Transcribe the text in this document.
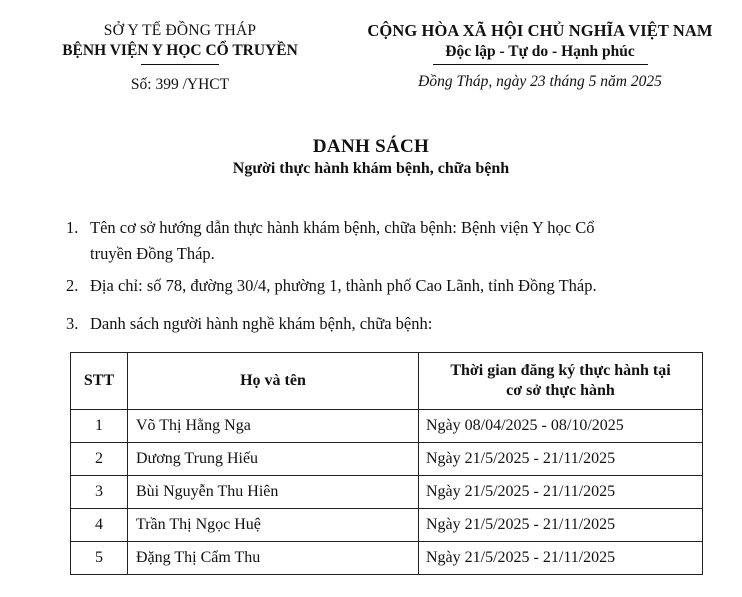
SỞ Y TẾ ĐỒNG THÁP
BỆNH VIỆN Y HỌC CỔ TRUYỀN
Số: 399 /YHCT
CỘNG HÒA XÃ HỘI CHỦ NGHĨA VIỆT NAM
Độc lập - Tự do - Hạnh phúc
Đồng Tháp, ngày 23 tháng 5 năm 2025
DANH SÁCH
Người thực hành khám bệnh, chữa bệnh
1. Tên cơ sở hướng dẫn thực hành khám bệnh, chữa bệnh: Bệnh viện Y học Cổ
truyền Đồng Tháp.
2. Địa chỉ: số 78, đường 30/4, phường 1, thành phố Cao Lãnh, tỉnh Đồng Tháp.
3. Danh sách người hành nghề khám bệnh, chữa bệnh:
STT	Họ và tên	Thời gian đăng ký thực hành tại
cơ sở thực hành

1	Võ Thị Hằng Nga	Ngày 08/04/2025 - 08/10/2025
2	Dương Trung Hiếu	Ngày 21/5/2025 - 21/11/2025
3	Bùi Nguyễn Thu Hiên	Ngày 21/5/2025 - 21/11/2025
4	Trần Thị Ngọc Huệ	Ngày 21/5/2025 - 21/11/2025
5	Đặng Thị Cẩm Thu	Ngày 21/5/2025 - 21/11/2025
